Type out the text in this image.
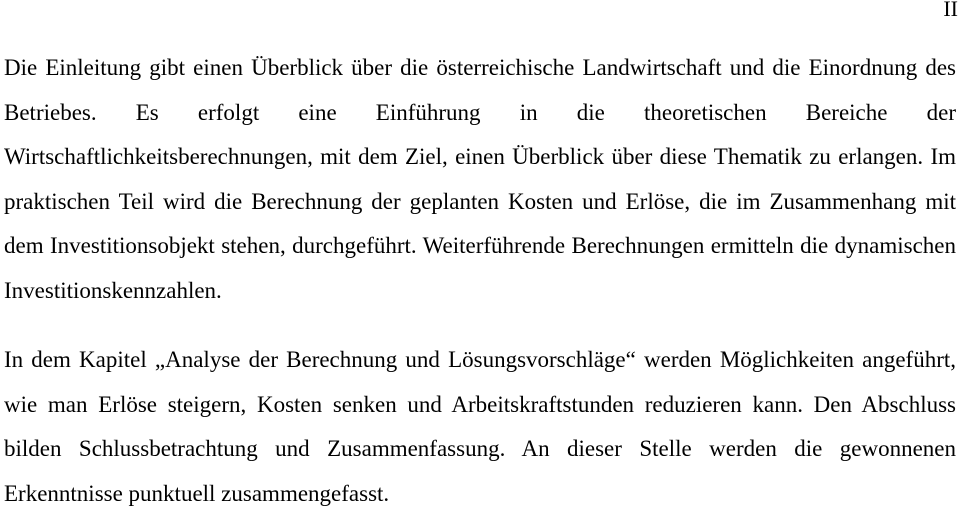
II

Die Einleitung gibt einen Überblick über die österreichische Landwirtschaft und die Einordnung des Betriebes. Es erfolgt eine Einführung in die theoretischen Bereiche der Wirtschaftlichkeitsberechnungen, mit dem Ziel, einen Überblick über diese Thematik zu erlangen. Im praktischen Teil wird die Berechnung der geplanten Kosten und Erlöse, die im Zusammenhang mit dem Investitionsobjekt stehen, durchgeführt. Weiterführende Berechnungen ermitteln die dynamischen Investitionskennzahlen.

In dem Kapitel „Analyse der Berechnung und Lösungsvorschläge“ werden Möglichkeiten angeführt, wie man Erlöse steigern, Kosten senken und Arbeitskraftstunden reduzieren kann. Den Abschluss bilden Schlussbetrachtung und Zusammenfassung. An dieser Stelle werden die gewonnenen Erkenntnisse punktuell zusammengefasst.
